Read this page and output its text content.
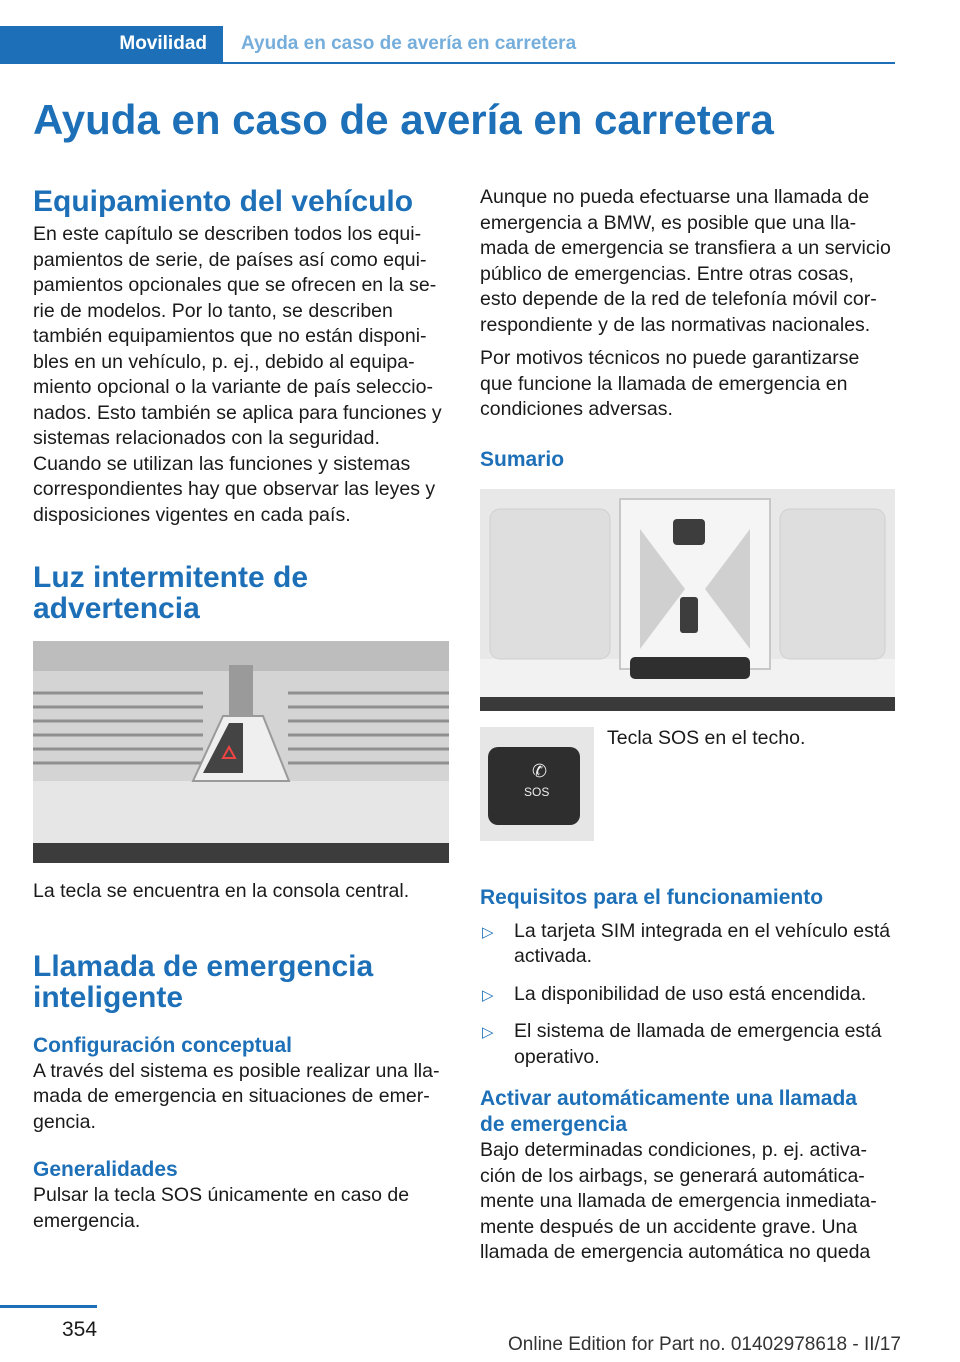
Movilidad	Ayuda en caso de avería en carretera
Ayuda en caso de avería en carretera
Equipamiento del vehículo
En este capítulo se describen todos los equi-
pamientos de serie, de países así como equi-
pamientos opcionales que se ofrecen en la se-
rie de modelos. Por lo tanto, se describen
también equipamientos que no están disponi-
bles en un vehículo, p. ej., debido al equipa-
miento opcional o la variante de país seleccio-
nados. Esto también se aplica para funciones y
sistemas relacionados con la seguridad.
Cuando se utilizan las funciones y sistemas
correspondientes hay que observar las leyes y
disposiciones vigentes en cada país.
Luz intermitente de
advertencia
La tecla se encuentra en la consola central.
Llamada de emergencia
inteligente
Configuración conceptual
A través del sistema es posible realizar una lla-
mada de emergencia en situaciones de emer-
gencia.
Generalidades
Pulsar la tecla SOS únicamente en caso de
emergencia.
Aunque no pueda efectuarse una llamada de
emergencia a BMW, es posible que una lla-
mada de emergencia se transfiera a un servicio
público de emergencias. Entre otras cosas,
esto depende de la red de telefonía móvil cor-
respondiente y de las normativas nacionales.
Por motivos técnicos no puede garantizarse
que funcione la llamada de emergencia en
condiciones adversas.
Sumario
✆
SOS
Tecla SOS en el techo.
Requisitos para el funcionamiento
▷ La tarjeta SIM integrada en el vehículo está
activada.
▷ La disponibilidad de uso está encendida.
▷ El sistema de llamada de emergencia está
operativo.
Activar automáticamente una llamada
de emergencia
Bajo determinadas condiciones, p. ej. activa-
ción de los airbags, se generará automática-
mente una llamada de emergencia inmediata-
mente después de un accidente grave. Una
llamada de emergencia automática no queda
354
Online Edition for Part no. 01402978618 - II/17
